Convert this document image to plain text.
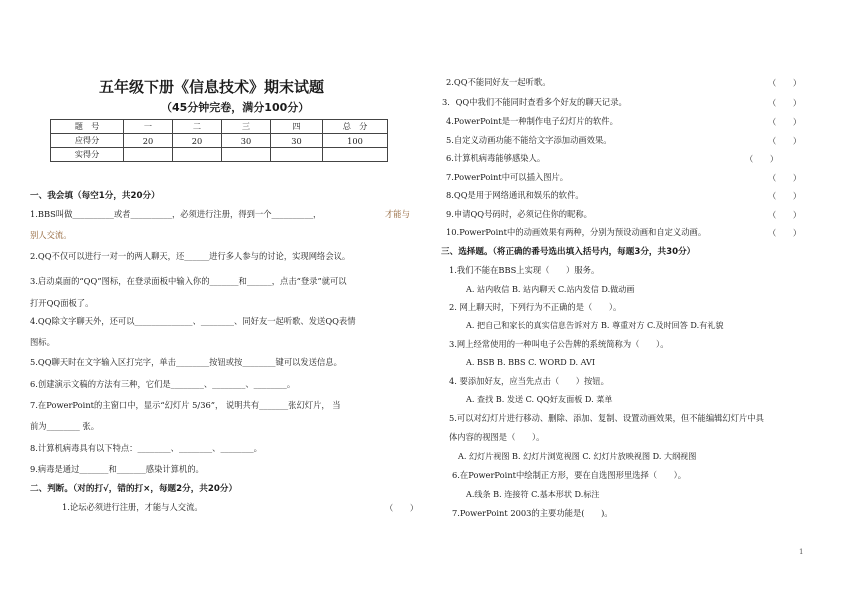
五年级下册《信息技术》期末试题
（45分钟完卷，满分100分）
题　号	一	二	三	四	总　分
应得分	20	20	30	30	100
实得分					
一、我会填（每空1分，共20分）
1.BBS叫做__________或者__________，必须进行注册，得到一个__________，	才能与
别人交流。
2.QQ不仅可以进行一对一的两人聊天，还______进行多人参与的讨论，实现网络会议。
3.启动桌面的“QQ”图标，在登录面板中输入你的_______和______，点击“登录”就可以
打开QQ面板了。
4.QQ除文字聊天外，还可以______________、________、同好友一起听歌、发送QQ表情
图标。
5.QQ聊天时在文字输入区打完字，单击________按钮或按________键可以发送信息。
6.创建演示文稿的方法有三种，它们是________、________、________。
7.在PowerPoint的主窗口中，显示“幻灯片 5/36”， 说明共有_______张幻灯片， 当
前为________ 张。
8.计算机病毒具有以下特点：________、________、________。
9.病毒是通过_______和_______感染计算机的。
二、判断。（对的打√，错的打×，每题2分，共20分）
1.论坛必须进行注册，才能与人交流。	（　　）
2.QQ不能同好友一起听歌。	（　　）
3．QQ中我们不能同时查看多个好友的聊天记录。	（　　）
4.PowerPoint是一种制作电子幻灯片的软件。	（　　）
5.自定义动画功能不能给文字添加动画效果。	（　　）
6.计算机病毒能够感染人。	（　　）
7.PowerPoint中可以插入图片。	（　　）
8.QQ是用于网络通讯和娱乐的软件。	（　　）
9.申请QQ号码时，必须记住你的昵称。	（　　）
10.PowerPoint中的动画效果有两种，分别为预设动画和自定义动画。	（　　）
三、选择题。（将正确的番号选出填入括号内，每题3分，共30分）
1.我们不能在BBS上实现（　　）服务。
A. 站内收信 B. 站内聊天 C.站内发信 D.做动画
2. 网上聊天时，下列行为不正确的是（　　）。
A. 把自己和家长的真实信息告诉对方 B. 尊重对方 C.及时回答 D.有礼貌
3.网上经常使用的一种叫电子公告牌的系统简称为（　　）。
A. BSB B. BBS C. WORD D. AVI
4. 要添加好友，应当先点击（　　）按钮。
A. 查找 B. 发送 C. QQ好友面板 D. 菜单
5.可以对幻灯片进行移动、删除、添加、复制、设置动画效果，但不能编辑幻灯片中具
体内容的视图是（　　）。
A. 幻灯片视图 B. 幻灯片浏览视图 C. 幻灯片放映视图 D. 大纲视图
6.在PowerPoint中绘制正方形，要在自选图形里选择（　　）。
A.线条 B. 连接符 C.基本形状 D.标注
7.PowerPoint 2003的主要功能是(　　)。
1
